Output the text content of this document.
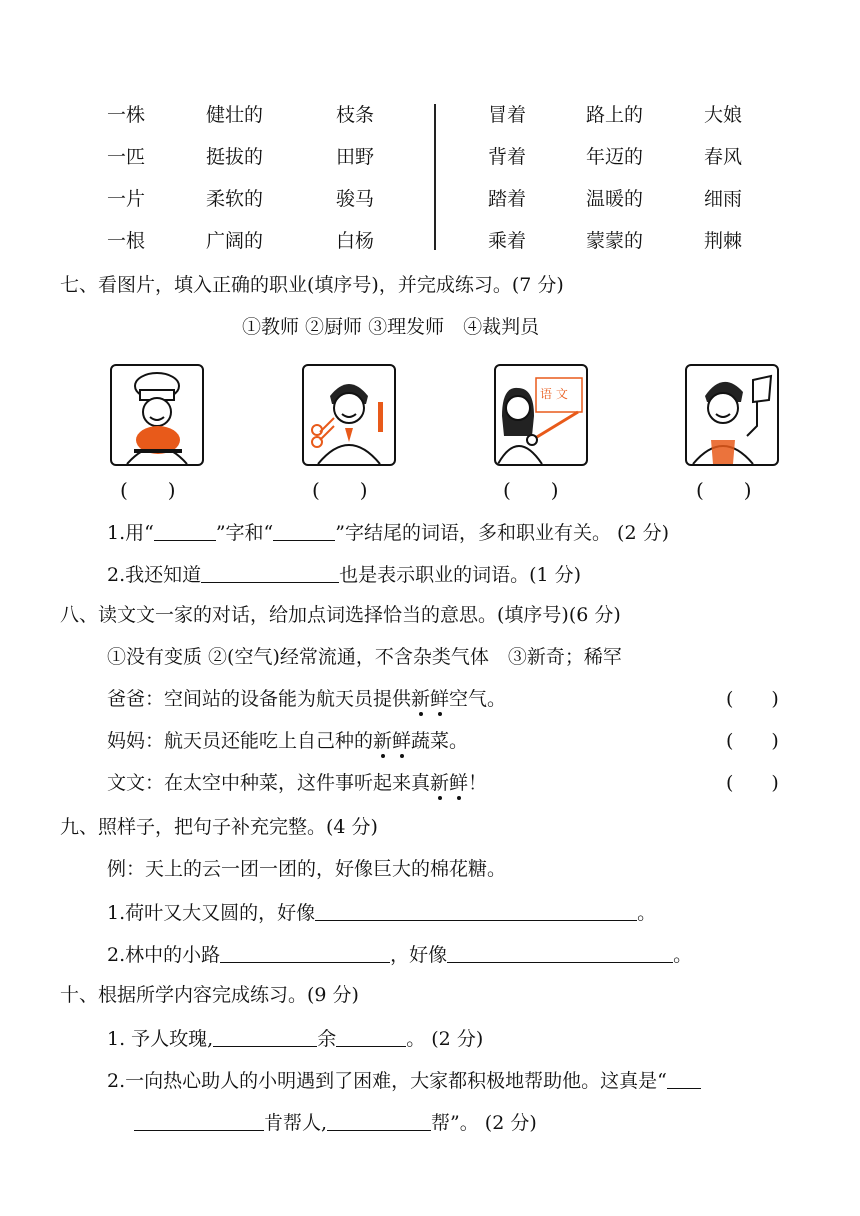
一株	健壮的	枝条
一匹	挺拔的	田野
一片	柔软的	骏马
一根	广阔的	白杨
冒着	路上的	大娘
背着	年迈的	春风
踏着	温暖的	细雨
乘着	蒙蒙的	荆棘
七、看图片，填入正确的职业(填序号)，并完成练习。(7 分)
①教师 ②厨师 ③理发师　④裁判员
语 文
(　　)	(　　)	(　　)	(　　)
1.用“	”字和“	”字结尾的词语，多和职业有关。 (2 分)
2.我还知道	也是表示职业的词语。(1 分)
八、读文文一家的对话，给加点词选择恰当的意思。(填序号)(6 分)
①没有变质 ②(空气)经常流通，不含杂类气体　③新奇；稀罕
爸爸：空间站的设备能为航天员提供新鲜空气。
妈妈：航天员还能吃上自己种的新鲜蔬菜。
文文：在太空中种菜，这件事听起来真新鲜！
(　　)
(　　)
(　　)
九、照样子，把句子补充完整。(4 分)
例：天上的云一团一团的，好像巨大的棉花糖。
1.荷叶又大又圆的，好像	。
2.林中的小路	，好像	。
十、根据所学内容完成练习。(9 分)
1. 予人玫瑰,	余	。 (2 分)
2.一向热心助人的小明遇到了困难，大家都积极地帮助他。这真是“
肯帮人,	帮”。 (2 分)
